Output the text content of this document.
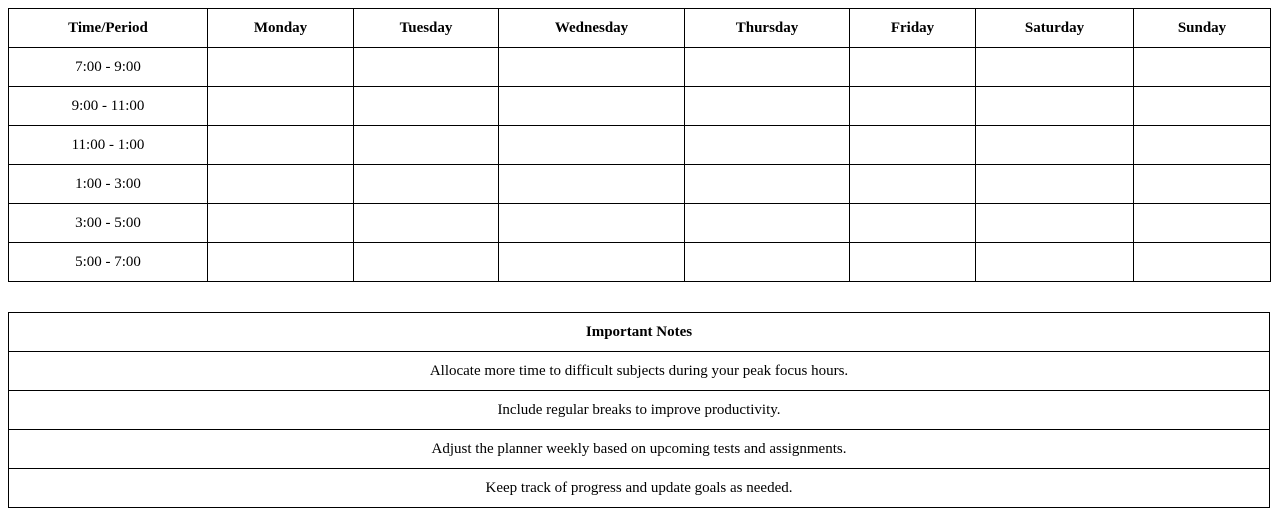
Time/Period	Monday	Tuesday	Wednesday	Thursday	Friday	Saturday	Sunday
7:00 - 9:00							
9:00 - 11:00							
11:00 - 1:00							
1:00 - 3:00							
3:00 - 5:00							
5:00 - 7:00							
Important Notes
Allocate more time to difficult subjects during your peak focus hours.
Include regular breaks to improve productivity.
Adjust the planner weekly based on upcoming tests and assignments.
Keep track of progress and update goals as needed.
